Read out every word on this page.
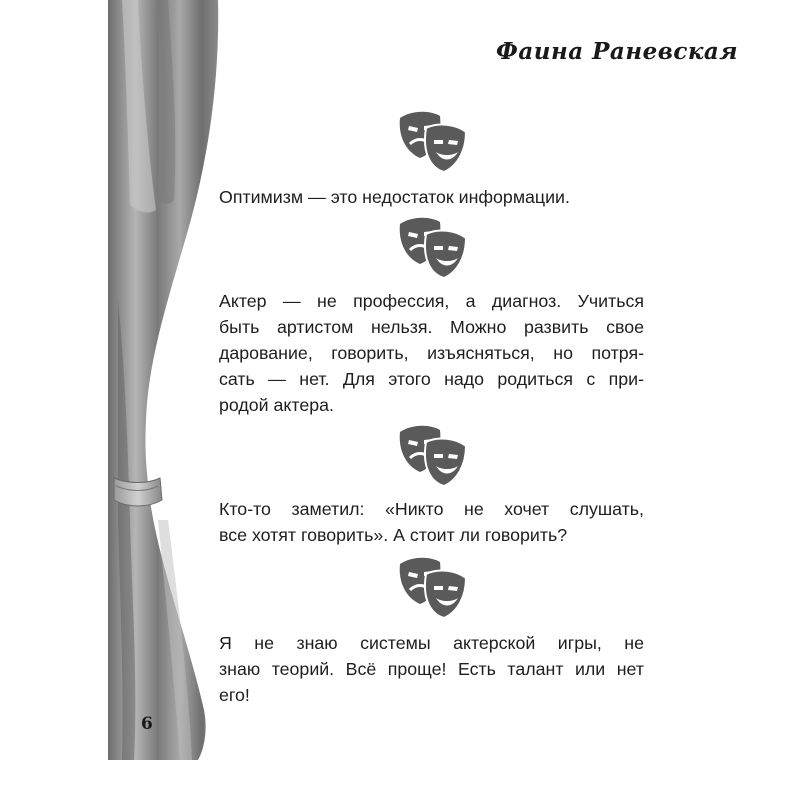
Фаина Раневская
Оптимизм — это недостаток информации.
Актер — не профессия, а диагноз. Учиться
быть артистом нельзя. Можно развить свое
дарование, говорить, изъясняться, но потря-
сать — нет. Для этого надо родиться с при-
родой актера.
Кто-то заметил: «Никто не хочет слушать,
все хотят говорить». А стоит ли говорить?
Я не знаю системы актерской игры, не
знаю теорий. Всё проще! Есть талант или нет
его!
6
